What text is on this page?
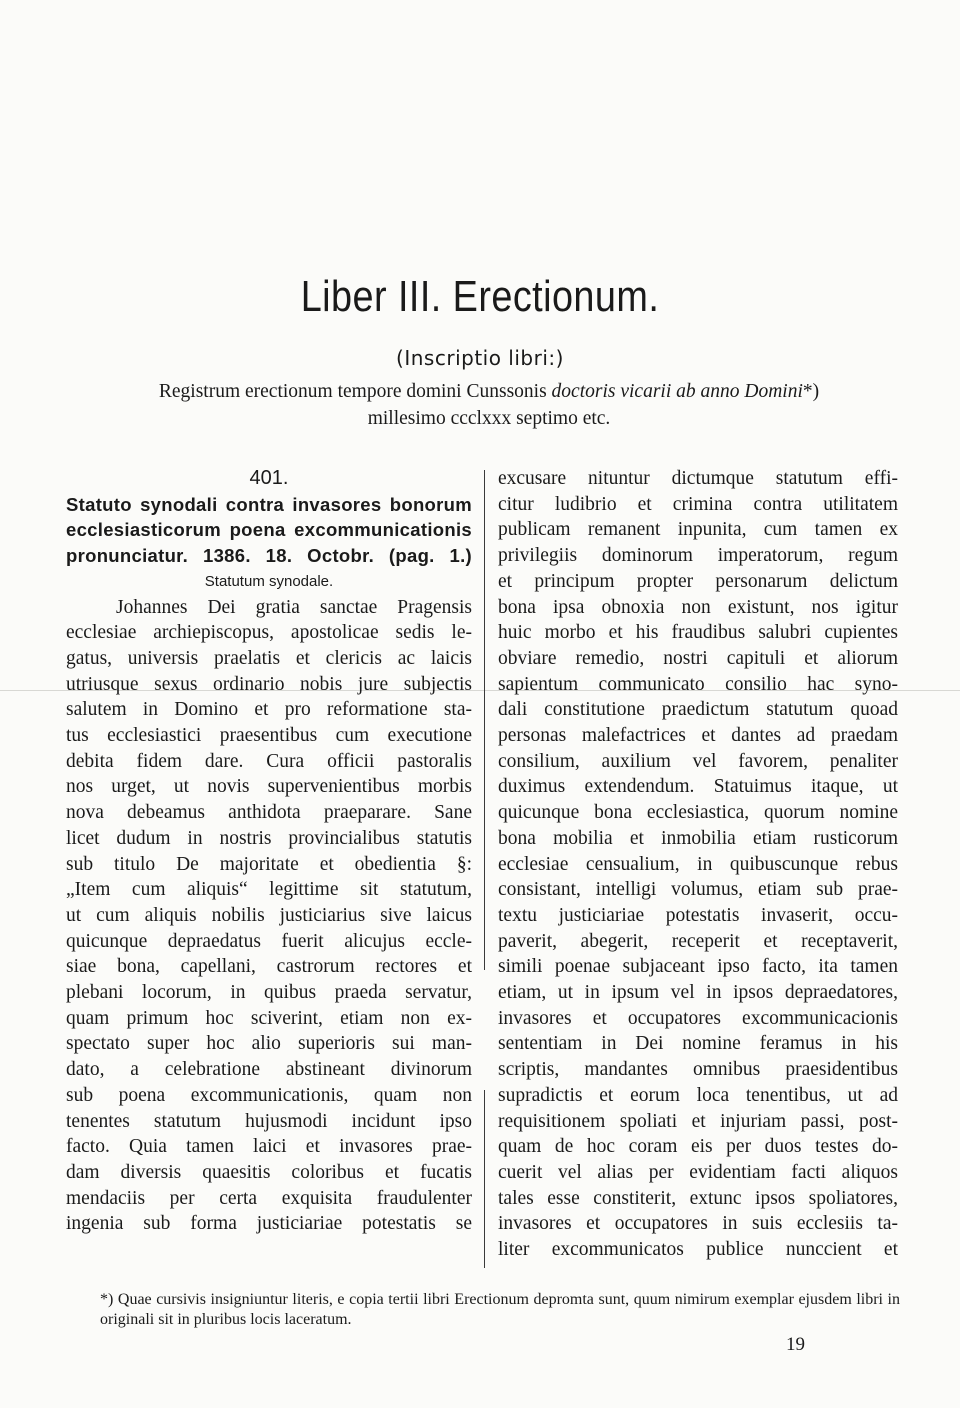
Liber III. Erectionum.
(Inscriptio libri:)
Registrum erectionum tempore domini Cunssonis doctoris vicarii ab anno Domini*)
millesimo ccclxxx septimo etc.
401.
Statuto synodali contra invasores bonorum
ecclesiasticorum poena excommunicationis
pronunciatur. 1386. 18. Octobr. (pag. 1.)
Statutum synodale.
Johannes Dei gratia sanctae Pragensis
ecclesiae archiepiscopus, apostolicae sedis le-
gatus, universis praelatis et clericis ac laicis
utriusque sexus ordinario nobis jure subjectis
salutem in Domino et pro reformatione sta-
tus ecclesiastici praesentibus cum executione
debita fidem dare. Cura officii pastoralis
nos urget, ut novis supervenientibus morbis
nova debeamus anthidota praeparare. Sane
licet dudum in nostris provincialibus statutis
sub titulo De majoritate et obedientia §:
„Item cum aliquis“ legittime sit statutum,
ut cum aliquis nobilis justiciarius sive laicus
quicunque depraedatus fuerit alicujus eccle-
siae bona, capellani, castrorum rectores et
plebani locorum, in quibus praeda servatur,
quam primum hoc sciverint, etiam non ex-
spectato super hoc alio superioris sui man-
dato, a celebratione abstineant divinorum
sub poena excommunicationis, quam non
tenentes statutum hujusmodi incidunt ipso
facto. Quia tamen laici et invasores prae-
dam diversis quaesitis coloribus et fucatis
mendaciis per certa exquisita fraudulenter
ingenia sub forma justiciariae potestatis se
excusare nituntur dictumque statutum effi-
citur ludibrio et crimina contra utilitatem
publicam remanent inpunita, cum tamen ex
privilegiis dominorum imperatorum, regum
et principum propter personarum delictum
bona ipsa obnoxia non existunt, nos igitur
huic morbo et his fraudibus salubri cupientes
obviare remedio, nostri capituli et aliorum
sapientum communicato consilio hac syno-
dali constitutione praedictum statutum quoad
personas malefactrices et dantes ad praedam
consilium, auxilium vel favorem, penaliter
duximus extendendum. Statuimus itaque, ut
quicunque bona ecclesiastica, quorum nomine
bona mobilia et inmobilia etiam rusticorum
ecclesiae censualium, in quibuscunque rebus
consistant, intelligi volumus, etiam sub prae-
textu justiciariae potestatis invaserit, occu-
paverit, abegerit, receperit et receptaverit,
simili poenae subjaceant ipso facto, ita tamen
etiam, ut in ipsum vel in ipsos depraedatores,
invasores et occupatores excommunicacionis
sententiam in Dei nomine feramus in his
scriptis, mandantes omnibus praesidentibus
supradictis et eorum loca tenentibus, ut ad
requisitionem spoliati et injuriam passi, post-
quam de hoc coram eis per duos testes do-
cuerit vel alias per evidentiam facti aliquos
tales esse constiterit, extunc ipsos spoliatores,
invasores et occupatores in suis ecclesiis ta-
liter excommunicatos publice nunccient et
*) Quae cursivis insigniuntur literis, e copia tertii libri Erectionum depromta sunt, quum nimirum exemplar ejusdem libri in originali sit in pluribus locis laceratum.
19
